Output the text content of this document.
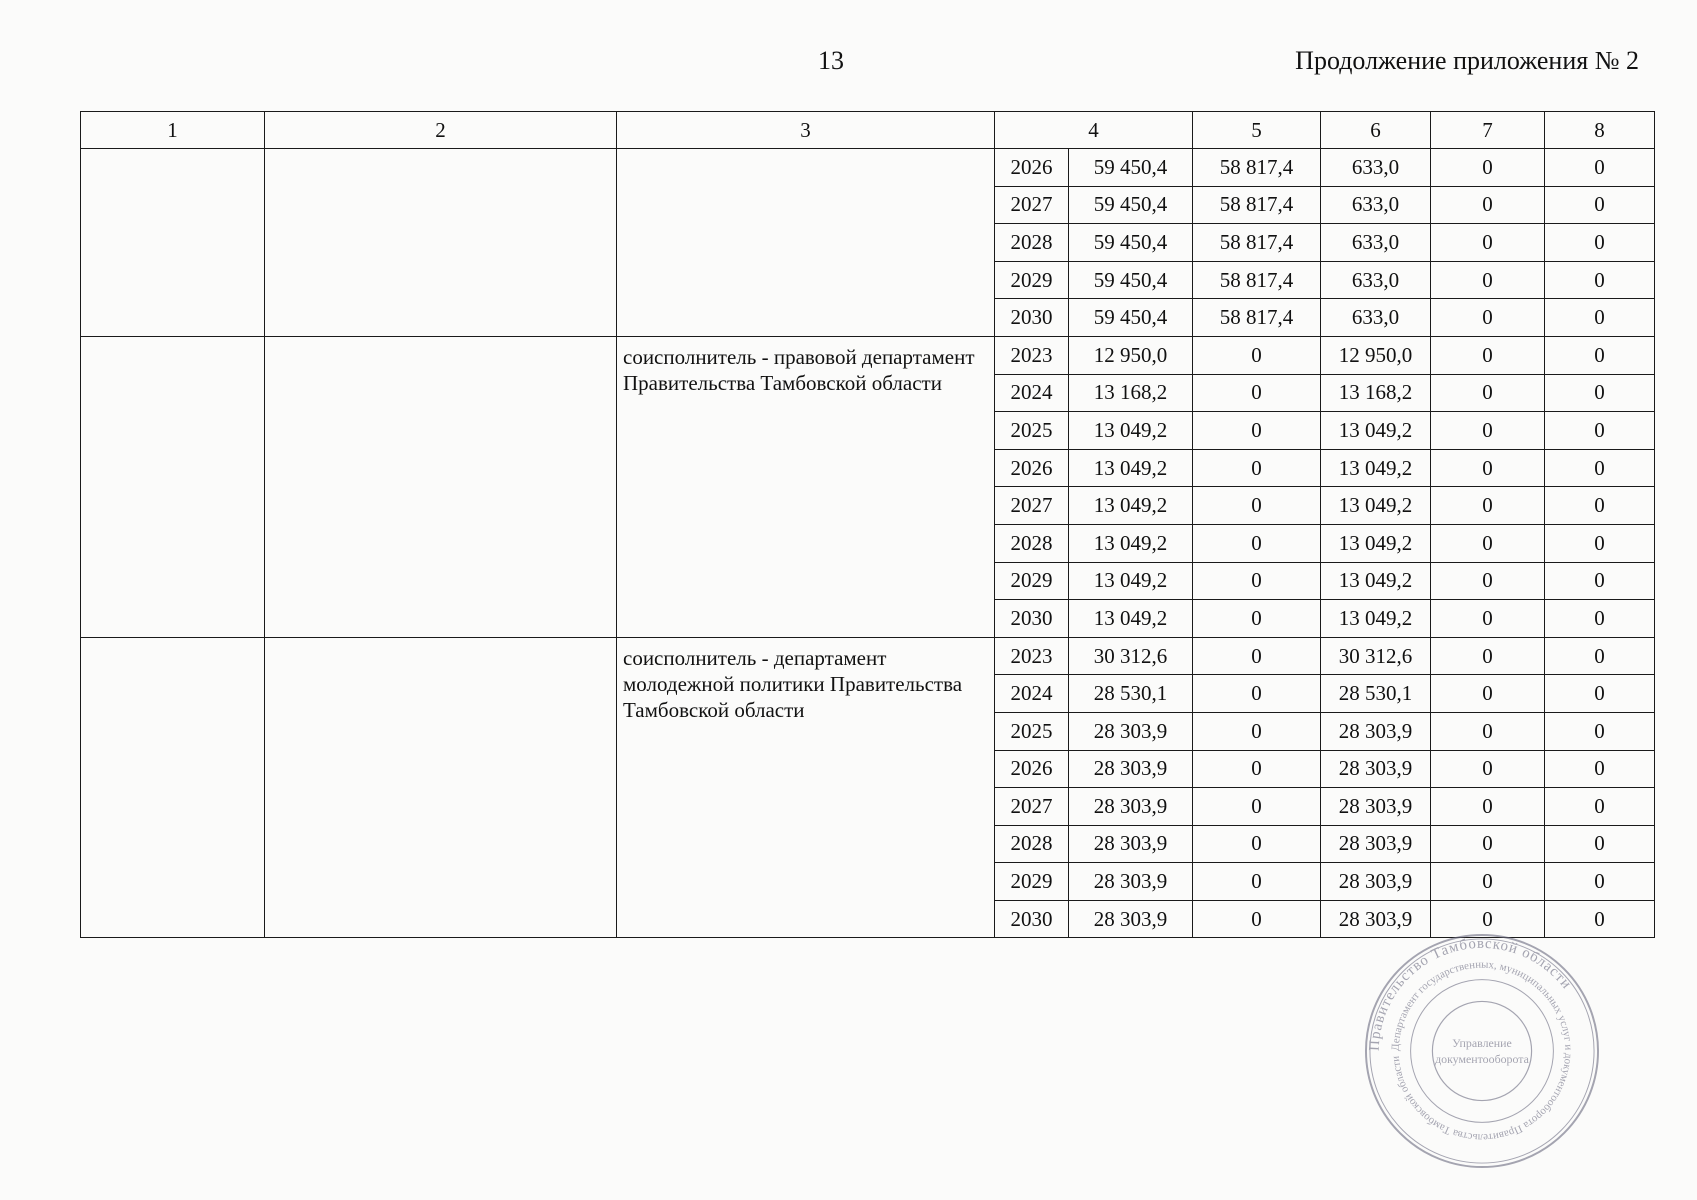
13	Продолжение приложения № 2
1	2	3	4		5	6	7	8
			2026	59 450,4	58 817,4	633,0	0	0
			2027	59 450,4	58 817,4	633,0	0	0
			2028	59 450,4	58 817,4	633,0	0	0
			2029	59 450,4	58 817,4	633,0	0	0
			2030	59 450,4	58 817,4	633,0	0	0
		соисполнитель - правовой департамент Правительства Тамбовской области	2023	12 950,0	0	12 950,0	0	0
			2024	13 168,2	0	13 168,2	0	0
			2025	13 049,2	0	13 049,2	0	0
			2026	13 049,2	0	13 049,2	0	0
			2027	13 049,2	0	13 049,2	0	0
			2028	13 049,2	0	13 049,2	0	0
			2029	13 049,2	0	13 049,2	0	0
			2030	13 049,2	0	13 049,2	0	0
		соисполнитель - департамент молодежной политики Правительства Тамбовской области	2023	30 312,6	0	30 312,6	0	0
			2024	28 530,1	0	28 530,1	0	0
			2025	28 303,9	0	28 303,9	0	0
			2026	28 303,9	0	28 303,9	0	0
			2027	28 303,9	0	28 303,9	0	0
			2028	28 303,9	0	28 303,9	0	0
			2029	28 303,9	0	28 303,9	0	0
			2030	28 303,9	0	28 303,9	0	0
Правительство Тамбовской области
Департамент государственных, муниципальных услуг и документооборота Правительства Тамбовской области
Управление
документооборота
